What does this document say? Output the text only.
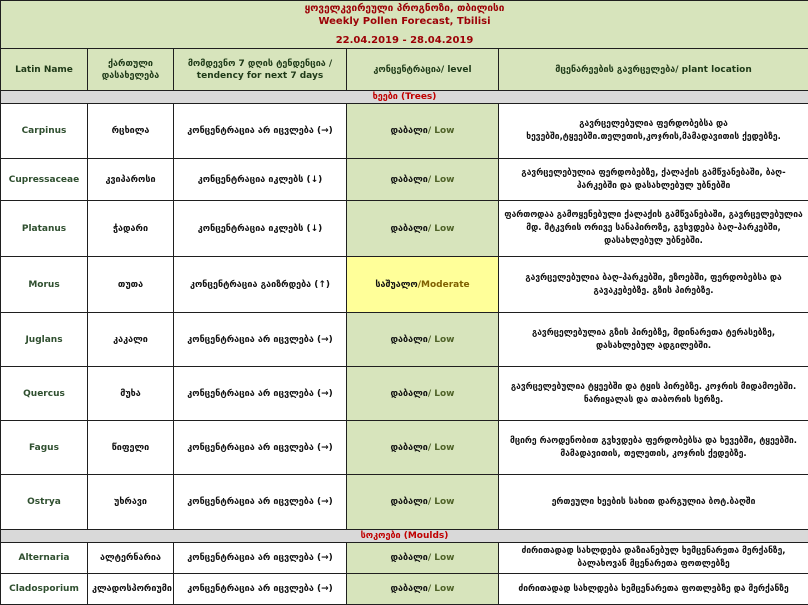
ყოველკვირეული პროგნოზი, თბილისი
Weekly Pollen Forecast, Tbilisi
22.04.2019 - 28.04.2019				

Latin Name	ქართული დასახელება	მომდევნო 7 დღის ტენდენცია / tendency for next 7 days	კონცენტრაცია/ level	მცენარეების გავრცელება/ plant location
ხეები (Trees)				
Carpinus	რცხილა	კონცენტრაცია არ იცვლება (→)	დაბალი/ Low	გავრცელებულია ფერდობებსა და ხევებში,ტყეებში.თელეთის,კოჯრის,მამადავითის ქედებზე.
Cupressaceae	კვიპაროსი	კონცენტრაცია იკლებს (↓)	დაბალი/ Low	გავრცელებულია ფერდობებზე, ქალაქის გამწვანებაში, ბაღ-პარკებში და დასახლებულ უბნებში
Platanus	ჭადარი	კონცენტრაცია იკლებს (↓)	დაბალი/ Low	ფართოდაა გამოყენებული ქალაქის გამწვანებაში, გავრცელებულია მდ. მტკვრის ორივე სანაპიროზე, გვხვდება ბაღ-პარკებში, დასახლებულ უბნებში.
Morus	თუთა	კონცენტრაცია გაიზრდება (↑)	საშუალო/Moderate	გავრცელებულია ბაღ-პარკებში, ეზოებში, ფერდობებსა და გავაკებებზე. გზის პირებზე.
Juglans	კაკალი	კონცენტრაცია არ იცვლება (→)	დაბალი/ Low	გავრცელებულია გზის პირებზე, მდინარეთა ტერასებზე, დასახლებულ ადგილებში.
Quercus	მუხა	კონცენტრაცია არ იცვლება (→)	დაბალი/ Low	გავრცელებულია ტყეებში და ტყის პირებზე. კოჯრის მიდამოებში. ნარიყალას და თაბორის სერზე.
Fagus	წიფელი	კონცენტრაცია არ იცვლება (→)	დაბალი/ Low	მცირე რაოდენობით გვხვდება ფერდობებსა და ხევებში, ტყეებში. მამადავითის, თელეთის, კოჯრის ქედებზე.
Ostrya	უხრავი	კონცენტრაცია არ იცვლება (→)	დაბალი/ Low	ერთეული ხეების სახით დარგულია ბოტ.ბაღში
სოკოები (Moulds)				
Alternaria	ალტერნარია	კონცენტრაცია არ იცვლება (→)	დაბალი/ Low	ძირითადად სახლდება დაზიანებულ ხემცენარეთა მერქანზე, ბალახოვან მცენარეთა ფოთლებზე
Cladosporium	კლადოსპორიუმი	კონცენტრაცია არ იცვლება (→)	დაბალი/ Low	ძირითადად სახლდება ხემცენარეთა ფოთლებზე და მერქანზე
